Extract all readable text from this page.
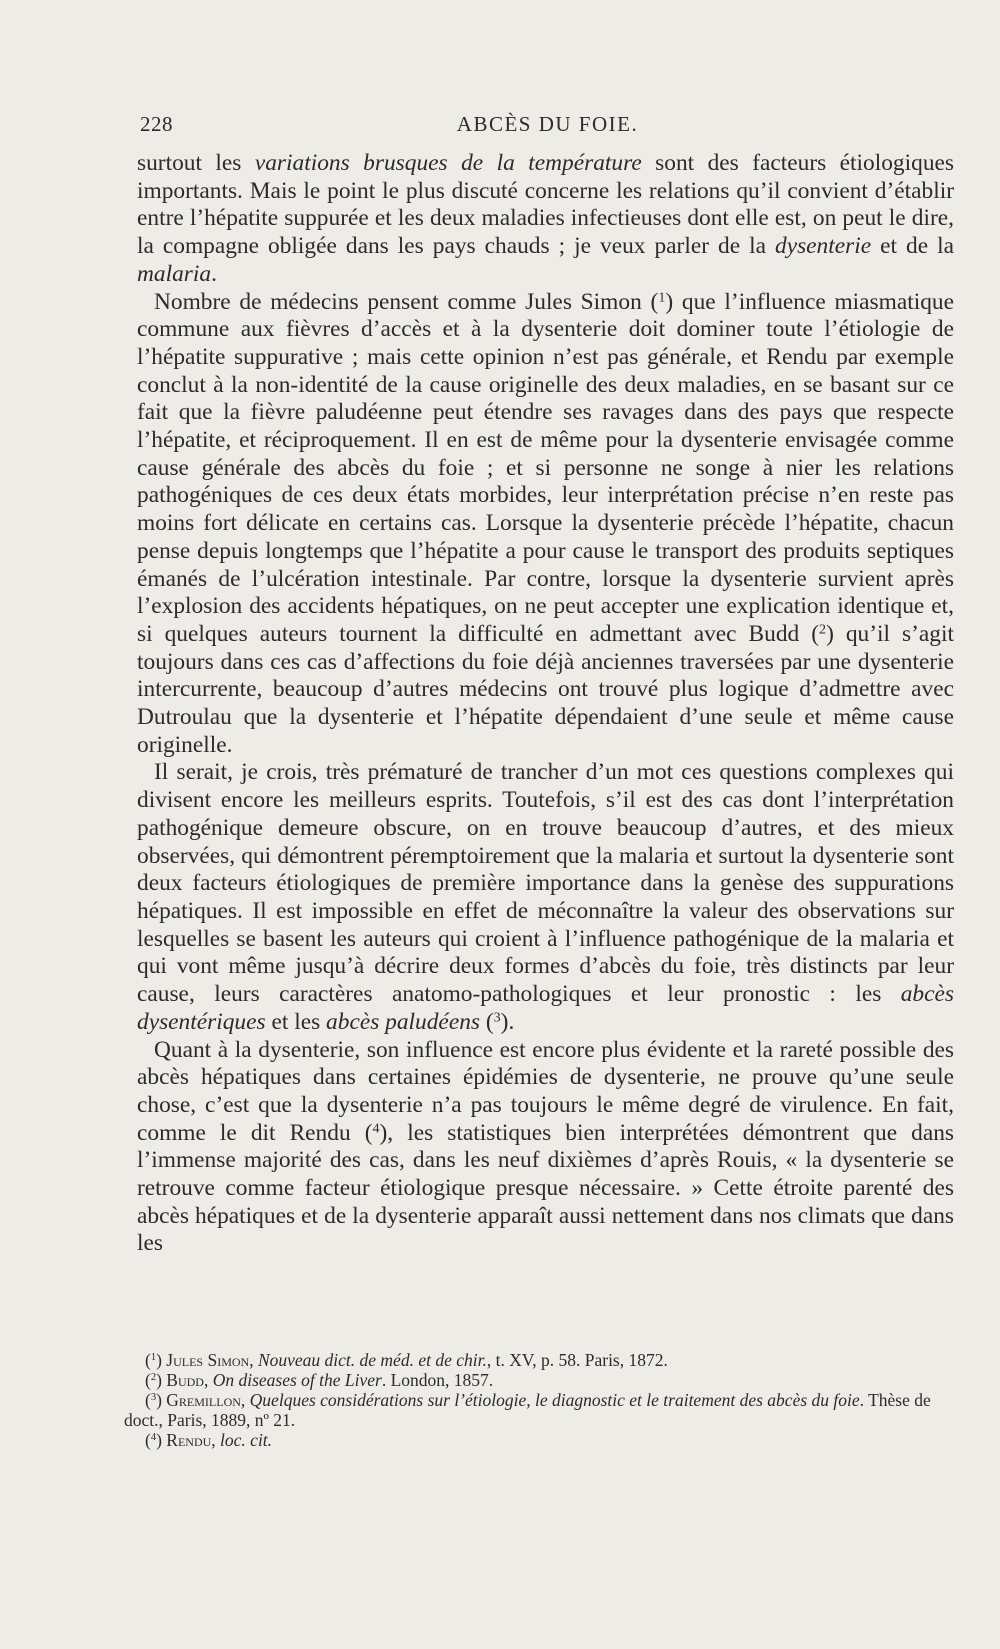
228	ABCÈS DU FOIE.

surtout les variations brusques de la température sont des facteurs étiologiques importants. Mais le point le plus discuté concerne les relations qu’il convient d’établir entre l’hépatite suppurée et les deux maladies infectieuses dont elle est, on peut le dire, la compagne obligée dans les pays chauds ; je veux parler de la dysenterie et de la malaria.

Nombre de médecins pensent comme Jules Simon ($^1$) que l’influence miasmatique commune aux fièvres d’accès et à la dysenterie doit dominer toute l’étiologie de l’hépatite suppurative ; mais cette opinion n’est pas générale, et Rendu par exemple conclut à la non-identité de la cause originelle des deux maladies, en se basant sur ce fait que la fièvre paludéenne peut étendre ses ravages dans des pays que respecte l’hépatite, et réciproquement. Il en est de même pour la dysenterie envisagée comme cause générale des abcès du foie ; et si personne ne songe à nier les relations pathogéniques de ces deux états morbides, leur interprétation précise n’en reste pas moins fort délicate en certains cas. Lorsque la dysenterie précède l’hépatite, chacun pense depuis longtemps que l’hépatite a pour cause le transport des produits septiques émanés de l’ulcération intestinale. Par contre, lorsque la dysenterie survient après l’explosion des accidents hépatiques, on ne peut accepter une explication identique et, si quelques auteurs tournent la difficulté en admettant avec Budd ($^2$) qu’il s’agit toujours dans ces cas d’affections du foie déjà anciennes traversées par une dysenterie intercurrente, beaucoup d’autres médecins ont trouvé plus logique d’admettre avec Dutroulau que la dysenterie et l’hépatite dépendaient d’une seule et même cause originelle.

Il serait, je crois, très prématuré de trancher d’un mot ces questions complexes qui divisent encore les meilleurs esprits. Toutefois, s’il est des cas dont l’interprétation pathogénique demeure obscure, on en trouve beaucoup d’autres, et des mieux observées, qui démontrent péremptoirement que la malaria et surtout la dysenterie sont deux facteurs étiologiques de première importance dans la genèse des suppurations hépatiques. Il est impossible en effet de méconnaître la valeur des observations sur lesquelles se basent les auteurs qui croient à l’influence pathogénique de la malaria et qui vont même jusqu’à décrire deux formes d’abcès du foie, très distincts par leur cause, leurs caractères anatomo-pathologiques et leur pronostic : les abcès dysentériques et les abcès paludéens ($^3$).

Quant à la dysenterie, son influence est encore plus évidente et la rareté possible des abcès hépatiques dans certaines épidémies de dysenterie, ne prouve qu’une seule chose, c’est que la dysenterie n’a pas toujours le même degré de virulence. En fait, comme le dit Rendu ($^4$), les statistiques bien interprétées démontrent que dans l’immense majorité des cas, dans les neuf dixièmes d’après Rouis, « la dysenterie se retrouve comme facteur étiologique presque nécessaire. » Cette étroite parenté des abcès hépatiques et de la dysenterie apparaît aussi nettement dans nos climats que dans les

($^1$) Jules Simon, Nouveau dict. de méd. et de chir., t. XV, p. 58. Paris, 1872.

($^2$) Budd, On diseases of the Liver. London, 1857.

($^3$) Gremillon, Quelques considérations sur l’étiologie, le diagnostic et le traitement des abcès du foie. Thèse de doct., Paris, 1889, nº 21.

($^4$) Rendu, loc. cit.
